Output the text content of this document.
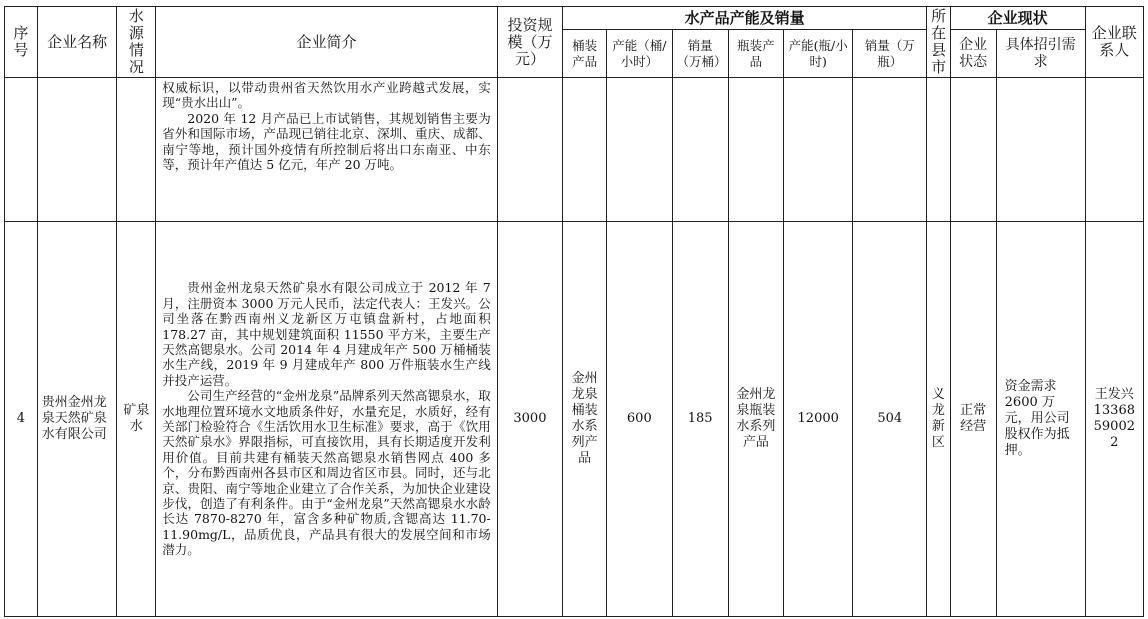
序号	企业名称	水源情况	企业简介	投资规模（万元）	水产品产能及销量						所在县市	企业现状		企业联系人
					桶装产品	产能（桶/小时）	销量（万桶）	瓶装产品	产能(瓶/小时)	销量（万瓶）		企业状态	具体招引需求	

			权威标识，以带动贵州省天然饮用水产业跨越式发展，实现“贵水出山”。

2020 年 12 月产品已上市试销售，其规划销售主要为省外和国际市场，产品现已销往北京、深圳、重庆、成都、南宁等地，预计国外疫情有所控制后将出口东南亚、中东等，预计年产值达 5 亿元，年产 20 万吨。											

4	贵州金州龙泉天然矿泉水有限公司	矿泉水	贵州金州龙泉天然矿泉水有限公司成立于 2012 年 7 月，注册资本 3000 万元人民币，法定代表人：王发兴。公司坐落在黔西南州义龙新区万屯镇盘新村，占地面积 178.27 亩，其中规划建筑面积 11550 平方米，主要生产天然高锶泉水。公司 2014 年 4 月建成年产 500 万桶桶装水生产线，2019 年 9 月建成年产 800 万件瓶装水生产线并投产运营。

公司生产经营的“金州龙泉”品牌系列天然高锶泉水，取水地理位置环境水文地质条件好，水量充足，水质好，经有关部门检验符合《生活饮用水卫生标准》要求，高于《饮用天然矿泉水》界限指标，可直接饮用，具有长期适度开发利用价值。目前共建有桶装天然高锶泉水销售网点 400 多个，分布黔西南州各县市区和周边省区市县。同时，还与北京、贵阳、南宁等地企业建立了合作关系，为加快企业建设步伐，创造了有利条件。由于“金州龙泉”天然高锶泉水水龄长达 7870-8270 年，富含多种矿物质,含锶高达 11.70-11.90mg/L，品质优良，产品具有很大的发展空间和市场潜力。	3000	金州龙泉桶装水系列产品	600	185	金州龙泉瓶装水系列产品	12000	504	义龙新区	正常经营	资金需求 2600 万元，用公司股权作为抵押。	王发兴 13368590022
